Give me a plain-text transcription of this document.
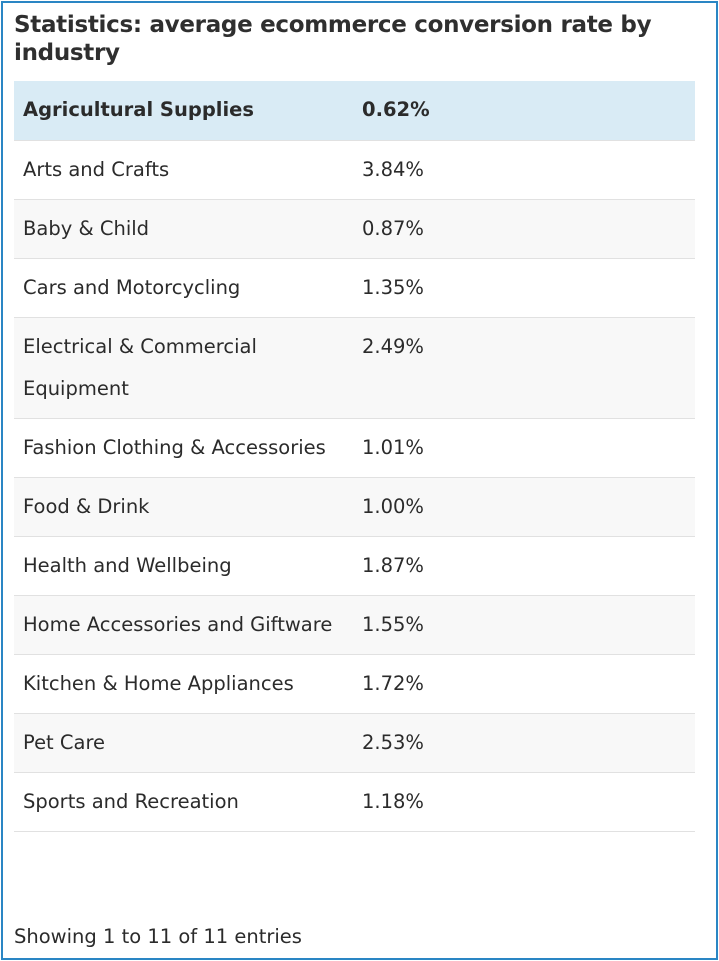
Statistics: average ecommerce conversion rate by industry
Agricultural Supplies	0.62%
Arts and Crafts	3.84%
Baby & Child	0.87%
Cars and Motorcycling	1.35%
Electrical & Commercial Equipment	2.49%
Fashion Clothing & Accessories	1.01%
Food & Drink	1.00%
Health and Wellbeing	1.87%
Home Accessories and Giftware	1.55%
Kitchen & Home Appliances	1.72%
Pet Care	2.53%
Sports and Recreation	1.18%
Showing 1 to 11 of 11 entries
